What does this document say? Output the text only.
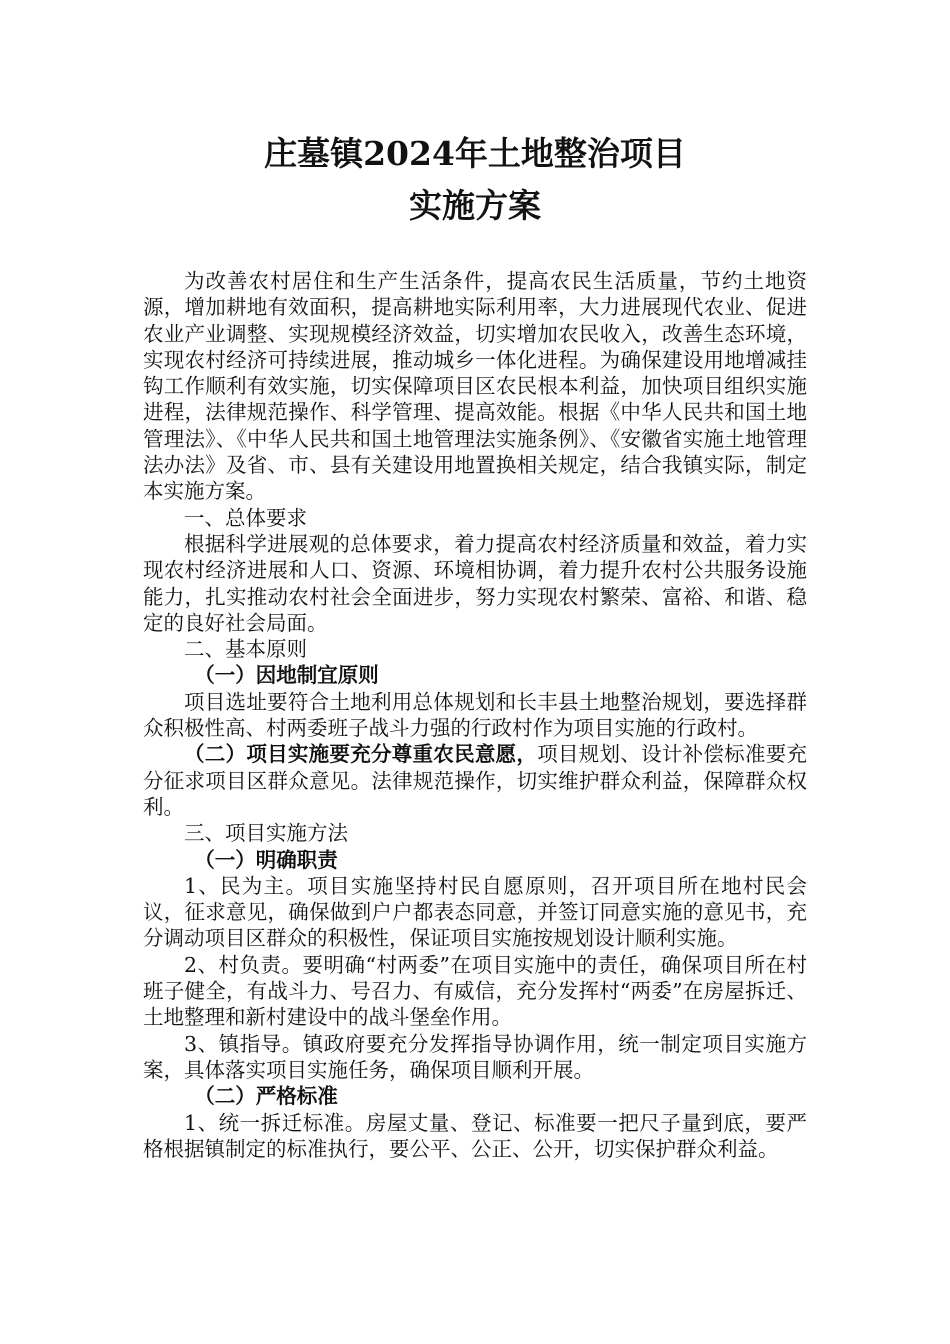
庄墓镇2024年土地整治项目
实施方案

为改善农村居住和生产生活条件，提高农民生活质量，节约土地资源，增加耕地有效面积，提高耕地实际利用率，大力进展现代农业、促进农业产业调整、实现规模经济效益，切实增加农民收入，改善生态环境，实现农村经济可持续进展，推动城乡一体化进程。为确保建设用地增减挂钩工作顺利有效实施，切实保障项目区农民根本利益，加快项目组织实施进程，法律规范操作、科学管理、提高效能。根据《中华人民共和国土地管理法》、《中华人民共和国土地管理法实施条例》、《安徽省实施土地管理法办法》及省、市、县有关建设用地置换相关规定，结合我镇实际，制定本实施方案。

一、总体要求

根据科学进展观的总体要求，着力提高农村经济质量和效益，着力实现农村经济进展和人口、资源、环境相协调，着力提升农村公共服务设施能力，扎实推动农村社会全面进步，努力实现农村繁荣、富裕、和谐、稳定的良好社会局面。

二、基本原则

（一）因地制宜原则

项目选址要符合土地利用总体规划和长丰县土地整治规划，要选择群众积极性高、村两委班子战斗力强的行政村作为项目实施的行政村。

（二）项目实施要充分尊重农民意愿，项目规划、设计补偿标准要充分征求项目区群众意见。法律规范操作，切实维护群众利益，保障群众权利。

三、项目实施方法

（一）明确职责

1、民为主。项目实施坚持村民自愿原则，召开项目所在地村民会议，征求意见，确保做到户户都表态同意，并签订同意实施的意见书，充分调动项目区群众的积极性，保证项目实施按规划设计顺利实施。

2、村负责。要明确“村两委”在项目实施中的责任，确保项目所在村班子健全，有战斗力、号召力、有威信，充分发挥村“两委”在房屋拆迁、土地整理和新村建设中的战斗堡垒作用。

3、镇指导。镇政府要充分发挥指导协调作用，统一制定项目实施方案，具体落实项目实施任务，确保项目顺利开展。

（二）严格标准

1、统一拆迁标准。房屋丈量、登记、标准要一把尺子量到底，要严格根据镇制定的标准执行，要公平、公正、公开，切实保护群众利益。
